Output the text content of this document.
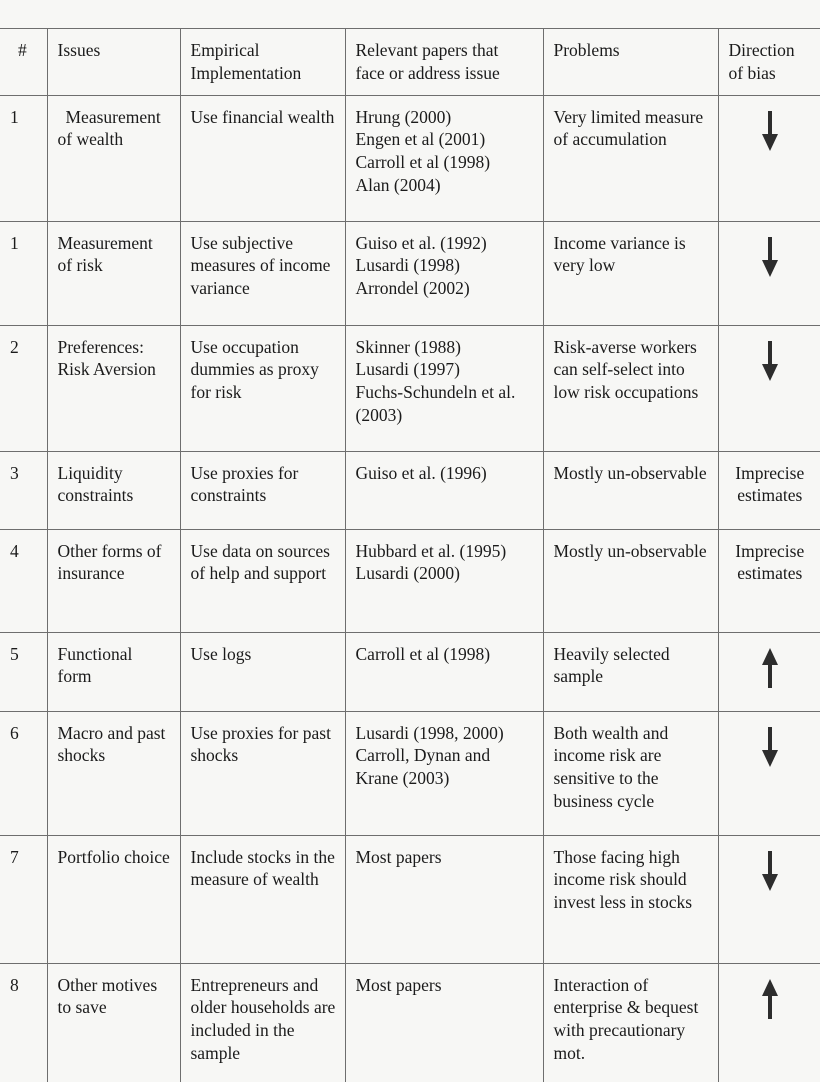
#	Issues	Empirical
Implementation	Relevant papers that
face or address issue	Problems	Direction
of bias
1	Measurement of wealth	Use financial wealth	Hrung (2000)
Engen et al (2001)
Carroll et al (1998)
Alan (2004)	Very limited measure of accumulation	

1	Measurement of risk	Use subjective measures of income variance	Guiso et al. (1992)
Lusardi (1998)
Arrondel (2002)	Income variance is very low	

2	Preferences: Risk Aversion	Use occupation dummies as proxy for risk	Skinner (1988)
Lusardi (1997)
Fuchs-Schundeln et al. (2003)	Risk-averse workers can self-select into low risk occupations	

3	Liquidity constraints	Use proxies for constraints	Guiso et al. (1996)	Mostly un-observable	Imprecise estimates

4	Other forms of insurance	Use data on sources of help and support	Hubbard et al. (1995)
Lusardi (2000)	Mostly un-observable	Imprecise estimates

5	Functional form	Use logs	Carroll et al (1998)	Heavily selected sample	

6	Macro and past shocks	Use proxies for past shocks	Lusardi (1998, 2000)
Carroll, Dynan and Krane (2003)	Both wealth and income risk are sensitive to the business cycle	

7	Portfolio choice	Include stocks in the measure of wealth	Most papers	Those facing high income risk should invest less in stocks	

8	Other motives to save	Entrepreneurs and older households are included in the sample	Most papers	Interaction of enterprise & bequest with precautionary mot.	
